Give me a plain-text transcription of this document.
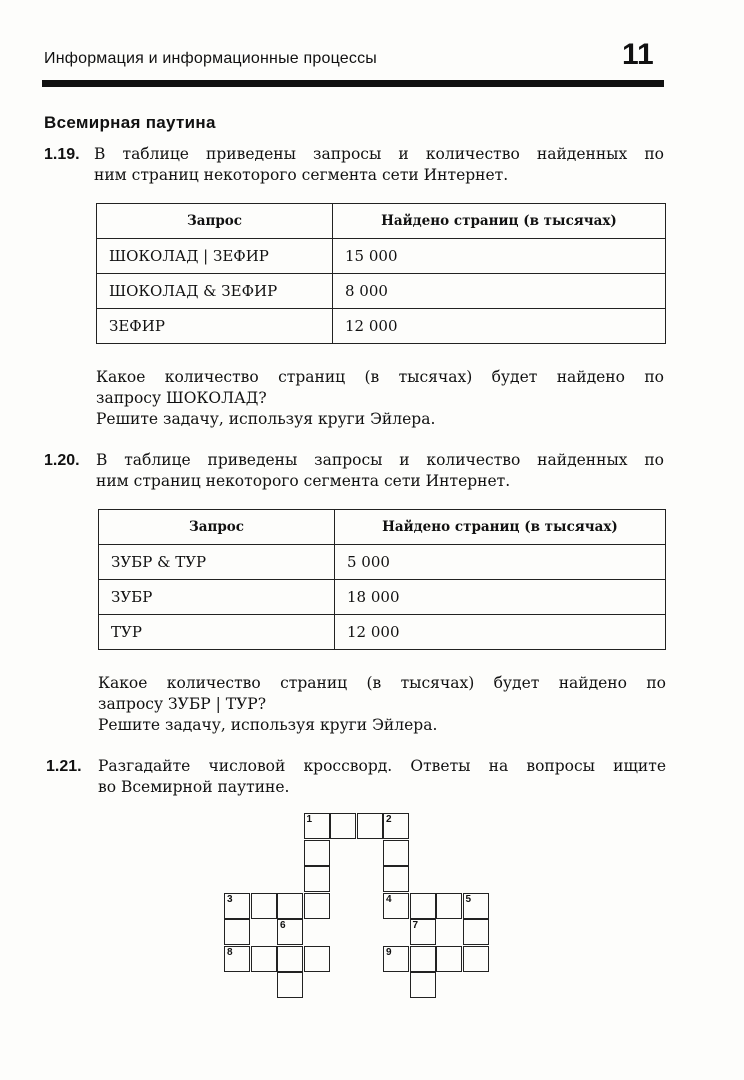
Информация и информационные процессы	11
Всемирная паутина
1.19. В таблице приведены запросы и количество найденных по
ним страниц некоторого сегмента сети Интернет.
Запрос	Найдено страниц (в тысячах)
ШОКОЛАД | ЗЕФИР	15 000
ШОКОЛАД & ЗЕФИР	8 000
ЗЕФИР	12 000
Какое количество страниц (в тысячах) будет найдено по
запросу ШОКОЛАД?
Решите задачу, используя круги Эйлера.
1.20. В таблице приведены запросы и количество найденных по
ним страниц некоторого сегмента сети Интернет.
Запрос	Найдено страниц (в тысячах)
ЗУБР & ТУР	5 000
ЗУБР	18 000
ТУР	12 000
Какое количество страниц (в тысячах) будет найдено по
запросу ЗУБР | ТУР?
Решите задачу, используя круги Эйлера.
1.21. Разгадайте числовой кроссворд. Ответы на вопросы ищите
во Всемирной паутине.
1	2
3	4	5
6	7
8	9
